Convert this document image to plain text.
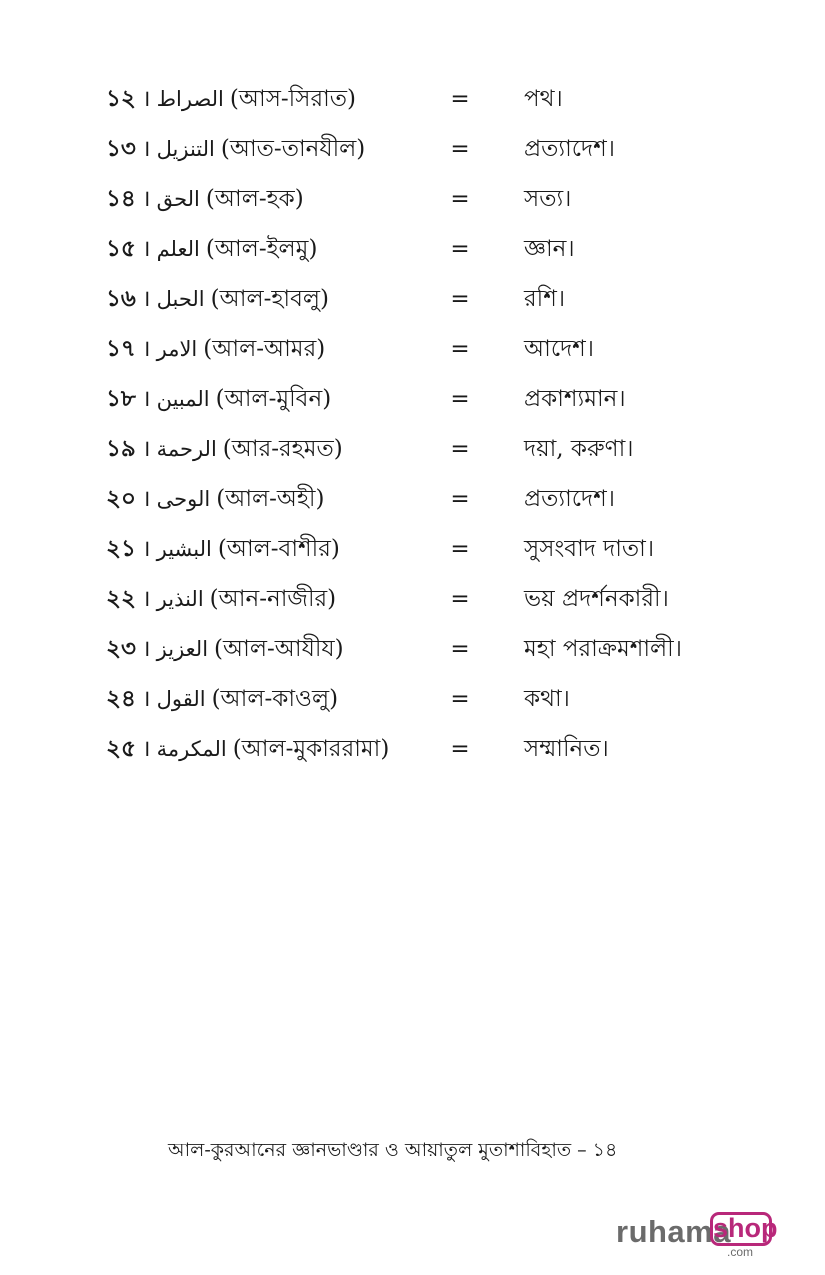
১২ । الصراط (আস-সিরাত)	= পথ।
১৩ । التنزيل (আত-তানযীল)	= প্রত্যাদেশ।
১৪ । الحق (আল-হক)	= সত্য।
১৫ । العلم (আল-ইলমু)	= জ্ঞান।
১৬ । الحبل (আল-হাবলু)	= রশি।
১৭ । الامر (আল-আমর)	= আদেশ।
১৮ । المبين (আল-মুবিন)	= প্রকাশ্যমান।
১৯ । الرحمة (আর-রহমত)	= দয়া, করুণা।
২০ । الوحى (আল-অহী)	= প্রত্যাদেশ।
২১ । البشير (আল-বাশীর)	= সুসংবাদ দাতা।
২২ । النذير (আন-নাজীর)	= ভয় প্রদর্শনকারী।
২৩ । العزيز (আল-আযীয)	= মহা পরাক্রমশালী।
২৪ । القول (আল-কাওলু)	= কথা।
২৫ । المكرمة (আল-মুকাররামা)	= সম্মানিত।
আল-কুরআনের জ্ঞানভাণ্ডার ও আয়াতুল মুতাশাবিহাত – ১৪
ruhama
shop
.com
